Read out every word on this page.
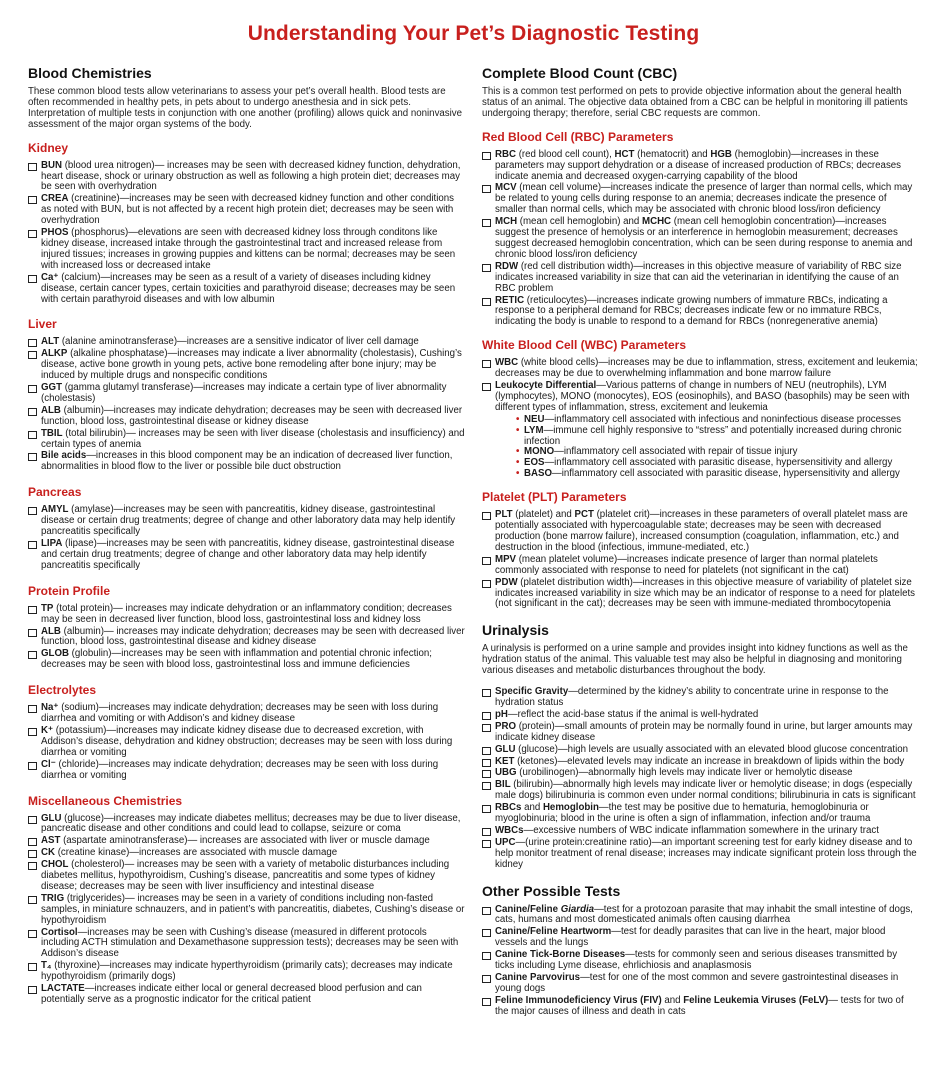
Understanding Your Pet’s Diagnostic Testing
Blood Chemistries
These common blood tests allow veterinarians to assess your pet’s overall health. Blood tests are often recommended in healthy pets, in pets about to undergo anesthesia and in sick pets. Interpretation of multiple tests in conjunction with one another (profiling) allows quick and noninvasive assessment of the major organ systems of the body.
Kidney
BUN (blood urea nitrogen)— increases may be seen with decreased kidney function, dehydration, heart disease, shock or urinary obstruction as well as following a high protein diet; decreases may be seen with overhydration
CREA (creatinine)—increases may be seen with decreased kidney function and other conditions as noted with BUN, but is not affected by a recent high protein diet; decreases may be seen with overhydration
PHOS (phosphorus)—elevations are seen with decreased kidney loss through conditons like kidney disease, increased intake through the gastrointestinal tract and increased release from injured tissues; increases in growing puppies and kittens can be normal; decreases may be seen with increased loss or decreased intake
Ca⁺ (calcium)—increases may be seen as a result of a variety of diseases including kidney disease, certain cancer types, certain toxicities and parathyroid disease; decreases may be seen with certain parathyroid diseases and with low albumin
Liver
ALT (alanine aminotransferase)—increases are a sensitive indicator of liver cell damage
ALKP (alkaline phosphatase)—increases may indicate a liver abnormality (cholestasis), Cushing’s disease, active bone growth in young pets, active bone remodeling after bone injury; may be induced by multiple drugs and nonspecific conditions
GGT (gamma glutamyl transferase)—increases may indicate a certain type of liver abnormality (cholestasis)
ALB (albumin)—increases may indicate dehydration; decreases may be seen with decreased liver function, blood loss, gastrointestinal disease or kidney disease
TBIL (total bilirubin)— increases may be seen with liver disease (cholestasis and insufficiency) and certain types of anemia
Bile acids—increases in this blood component may be an indication of decreased liver function, abnormalities in blood flow to the liver or possible bile duct obstruction
Pancreas
AMYL (amylase)—increases may be seen with pancreatitis, kidney disease, gastrointestinal disease or certain drug treatments; degree of change and other laboratory data may help identify pancreatitis specifically
LIPA (lipase)—increases may be seen with pancreatitis, kidney disease, gastrointestinal disease and certain drug treatments; degree of change and other laboratory data may help identify pancreatitis specifically
Protein Profile
TP (total protein)— increases may indicate dehydration or an inflammatory condition; decreases may be seen in decreased liver function, blood loss, gastrointestinal loss and kidney loss
ALB (albumin)— increases may indicate dehydration; decreases may be seen with decreased liver function, blood loss, gastrointestinal disease and kidney disease
GLOB (globulin)—increases may be seen with inflammation and potential chronic infection; decreases may be seen with blood loss, gastrointestinal loss and immune deficiencies
Electrolytes
Na⁺ (sodium)—increases may indicate dehydration; decreases may be seen with loss during diarrhea and vomiting or with Addison’s and kidney disease
K⁺ (potassium)—increases may indicate kidney disease due to decreased excretion, with Addison’s disease, dehydration and kidney obstruction; decreases may be seen with loss during diarrhea or vomiting
Cl⁻ (chloride)—increases may indicate dehydration; decreases may be seen with loss during diarrhea or vomiting
Miscellaneous Chemistries
GLU (glucose)—increases may indicate diabetes mellitus; decreases may be due to liver disease, pancreatic disease and other conditions and could lead to collapse, seizure or coma
AST (aspartate aminotransferase)— increases are associated with liver or muscle damage
CK (creatine kinase)—increases are associated with muscle damage
CHOL (cholesterol)— increases may be seen with a variety of metabolic disturbances including diabetes mellitus, hypothyroidism, Cushing’s disease, pancreatitis and some types of kidney disease; decreases may be seen with liver insufficiency and intestinal disease
TRIG (triglycerides)— increases may be seen in a variety of conditions including non-fasted samples, in miniature schnauzers, and in patient’s with pancreatitis, diabetes, Cushing’s disease or hypothyroidism
Cortisol—increases may be seen with Cushing’s disease (measured in different protocols including ACTH stimulation and Dexamethasone suppression tests); decreases may be seen with Addison’s disease
T₄ (thyroxine)—increases may indicate hyperthyroidism (primarily cats); decreases may indicate hypothyroidism (primarily dogs)
LACTATE—increases indicate either local or general decreased blood perfusion and can potentially serve as a prognostic indicator for the critical patient
Complete Blood Count (CBC)
This is a common test performed on pets to provide objective information about the general health status of an animal. The objective data obtained from a CBC can be helpful in monitoring ill patients undergoing therapy; therefore, serial CBC requests are common.
Red Blood Cell (RBC) Parameters
RBC (red blood cell count), HCT (hematocrit) and HGB (hemoglobin)—increases in these parameters may support dehydration or a disease of increased production of RBCs; decreases indicate anemia and decreased oxygen-carrying capability of the blood
MCV (mean cell volume)—increases indicate the presence of larger than normal cells, which may be related to young cells during response to an anemia; decreases indicate the presence of smaller than normal cells, which may be associated with chronic blood loss/iron deficiency
MCH (mean cell hemoglobin) and MCHC (mean cell hemoglobin concentration)—increases suggest the presence of hemolysis or an interference in hemoglobin measurement; decreases suggest decreased hemoglobin concentration, which can be seen during response to anemia and chronic blood loss/iron deficiency
RDW (red cell distribution width)—increases in this objective measure of variability of RBC size indicates increased variability in size that can aid the veterinarian in identifying the cause of an RBC problem
RETIC (reticulocytes)—increases indicate growing numbers of immature RBCs, indicating a response to a peripheral demand for RBCs; decreases indicate few or no immature RBCs, indicating the body is unable to respond to a demand for RBCs (nonregenerative anemia)
White Blood Cell (WBC) Parameters
WBC (white blood cells)—increases may be due to inflammation, stress, excitement and leukemia; decreases may be due to overwhelming inflammation and bone marrow failure
Leukocyte Differential—Various patterns of change in numbers of NEU (neutrophils), LYM (lymphocytes), MONO (monocytes), EOS (eosinophils), and BASO (basophils) may be seen with different types of inflammation, stress, excitement and leukemia
• NEU—inflammatory cell associated with infectious and noninfectious disease processes
• LYM—immune cell highly responsive to “stress” and potentially increased during chronic infection
• MONO—inflammatory cell associated with repair of tissue injury
• EOS—inflammatory cell associated with parasitic disease, hypersensitivity and allergy
• BASO—inflammatory cell associated with parasitic disease, hypersensitivity and allergy
Platelet (PLT) Parameters
PLT (platelet) and PCT (platelet crit)—increases in these parameters of overall platelet mass are potentially associated with hypercoagulable state; decreases may be seen with decreased production (bone marrow failure), increased consumption (coagulation, inflammation, etc.) and destruction in the blood (infectious, immune-mediated, etc.)
MPV (mean platelet volume)—increases indicate presence of larger than normal platelets commonly associated with response to need for platelets (not significant in the cat)
PDW (platelet distribution width)—increases in this objective measure of variability of platelet size indicates increased variability in size which may be an indicator of response to a need for platelets (not significant in the cat); decreases may be seen with immune-mediated thrombocytopenia
Urinalysis
A urinalysis is performed on a urine sample and provides insight into kidney functions as well as the hydration status of the animal. This valuable test may also be helpful in diagnosing and monitoring various diseases and metabolic disturbances throughout the body.
Specific Gravity—determined by the kidney’s ability to concentrate urine in response to the hydration status
pH—reflect the acid-base status if the animal is well-hydrated
PRO (protein)—small amounts of protein may be normally found in urine, but larger amounts may indicate kidney disease
GLU (glucose)—high levels are usually associated with an elevated blood glucose concentration
KET (ketones)—elevated levels may indicate an increase in breakdown of lipids within the body
UBG (urobilinogen)—abnormally high levels may indicate liver or hemolytic disease
BIL (bilirubin)—abnormally high levels may indicate liver or hemolytic disease; in dogs (especially male dogs) bilirubinuria is common even under normal conditions; bilirubinuria in cats is significant
RBCs and Hemoglobin—the test may be positive due to hematuria, hemoglobinuria or myoglobinuria; blood in the urine is often a sign of inflammation, infection and/or trauma
WBCs—excessive numbers of WBC indicate inflammation somewhere in the urinary tract
UPC—(urine protein:creatinine ratio)—an important screening test for early kidney disease and to help monitor treatment of renal disease; increases may indicate significant protein loss through the kidney
Other Possible Tests
Canine/Feline Giardia—test for a protozoan parasite that may inhabit the small intestine of dogs, cats, humans and most domesticated animals often causing diarrhea
Canine/Feline Heartworm—test for deadly parasites that can live in the heart, major blood vessels and the lungs
Canine Tick-Borne Diseases—tests for commonly seen and serious diseases transmitted by ticks including Lyme disease, ehrlichiosis and anaplasmosis
Canine Parvovirus—test for one of the most common and severe gastrointestinal diseases in young dogs
Feline Immunodeficiency Virus (FIV) and Feline Leukemia Viruses (FeLV)— tests for two of the major causes of illness and death in cats
